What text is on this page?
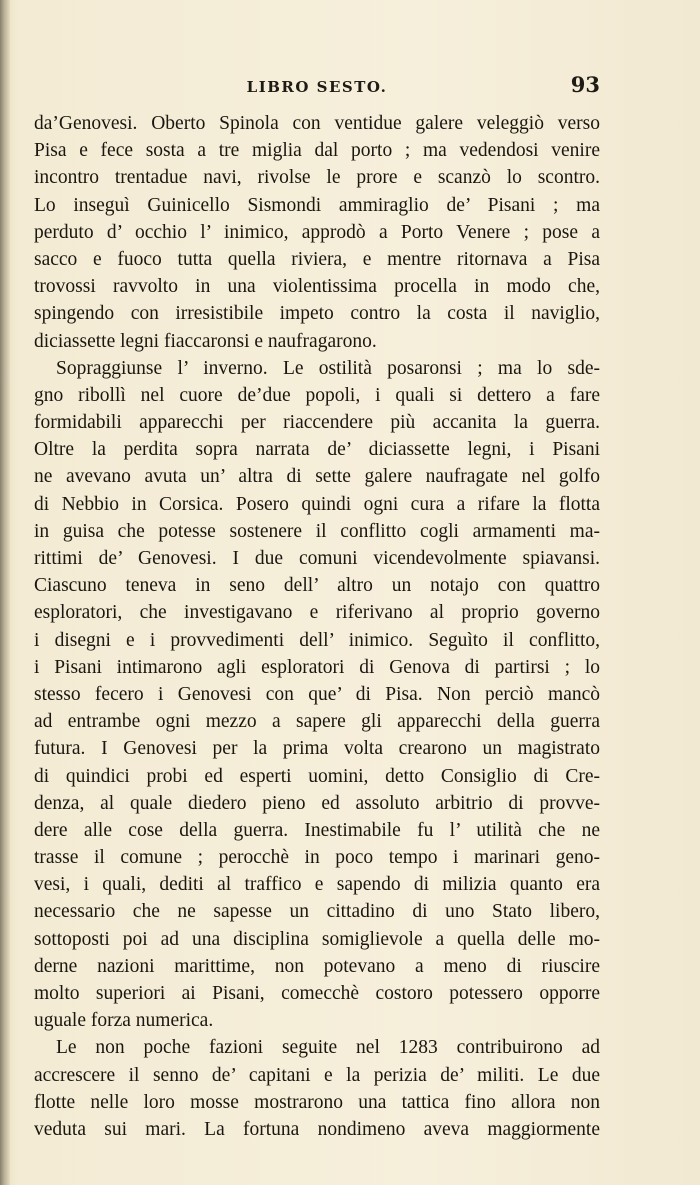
LIBRO SESTO.	93

da’Genovesi. Oberto Spinola con ventidue galere veleggiò verso
Pisa e fece sosta a tre miglia dal porto ; ma vedendosi venire
incontro trentadue navi, rivolse le prore e scanzò lo scontro.
Lo inseguì Guinicello Sismondi ammiraglio de’ Pisani ; ma
perduto d’ occhio l’ inimico, approdò a Porto Venere ; pose a
sacco e fuoco tutta quella riviera, e mentre ritornava a Pisa
trovossi ravvolto in una violentissima procella in modo che,
spingendo con irresistibile impeto contro la costa il naviglio,
diciassette legni fiaccaronsi e naufragarono.

Sopraggiunse l’ inverno. Le ostilità posaronsi ; ma lo sde-
gno ribollì nel cuore de’due popoli, i quali si dettero a fare
formidabili apparecchi per riaccendere più accanita la guerra.
Oltre la perdita sopra narrata de’ diciassette legni, i Pisani
ne avevano avuta un’ altra di sette galere naufragate nel golfo
di Nebbio in Corsica. Posero quindi ogni cura a rifare la flotta
in guisa che potesse sostenere il conflitto cogli armamenti ma-
rittimi de’ Genovesi. I due comuni vicendevolmente spiavansi.
Ciascuno teneva in seno dell’ altro un notajo con quattro
esploratori, che investigavano e riferivano al proprio governo
i disegni e i provvedimenti dell’ inimico. Seguìto il conflitto,
i Pisani intimarono agli esploratori di Genova di partirsi ; lo
stesso fecero i Genovesi con que’ di Pisa. Non perciò mancò
ad entrambe ogni mezzo a sapere gli apparecchi della guerra
futura. I Genovesi per la prima volta crearono un magistrato
di quindici probi ed esperti uomini, detto Consiglio di Cre-
denza, al quale diedero pieno ed assoluto arbitrio di provve-
dere alle cose della guerra. Inestimabile fu l’ utilità che ne
trasse il comune ; perocchè in poco tempo i marinari geno-
vesi, i quali, dediti al traffico e sapendo di milizia quanto era
necessario che ne sapesse un cittadino di uno Stato libero,
sottoposti poi ad una disciplina somiglievole a quella delle mo-
derne nazioni marittime, non potevano a meno di riuscire
molto superiori ai Pisani, comecchè costoro potessero opporre
uguale forza numerica.

Le non poche fazioni seguite nel 1283 contribuirono ad
accrescere il senno de’ capitani e la perizia de’ militi. Le due
flotte nelle loro mosse mostrarono una tattica fino allora non
veduta sui mari. La fortuna nondimeno aveva maggiormente
